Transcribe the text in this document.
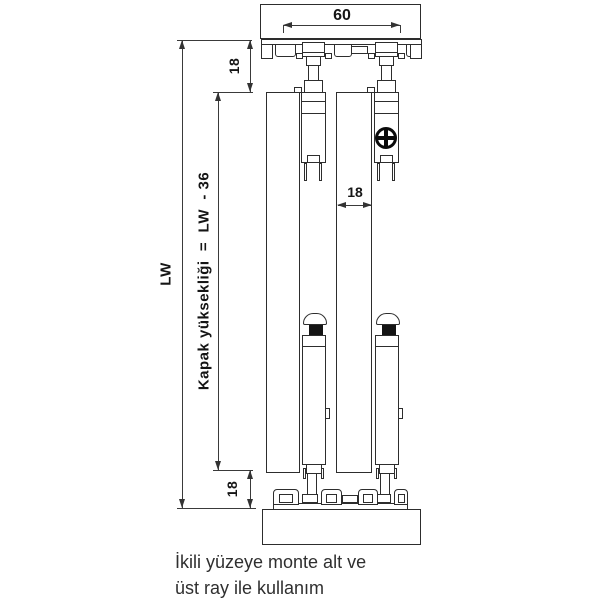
60
18
LW Kapak yüksekliği  =  LW  - 36
18
18
İkili yüzeye monte alt ve
üst ray ile kullanım
